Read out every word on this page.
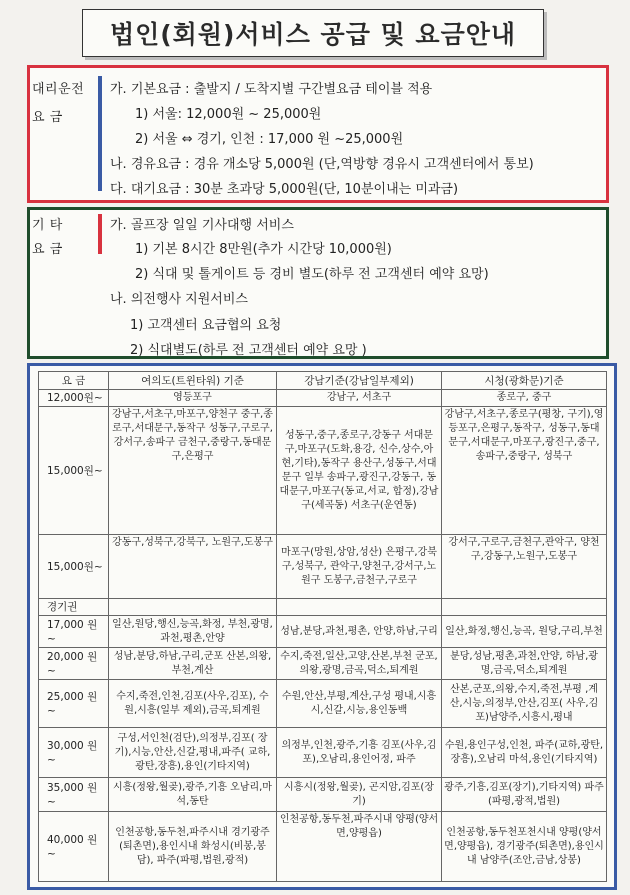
법인(회원)서비스 공급 및 요금안내
대리운전
요 금
가. 기본요금 : 출발지 / 도착지별 구간별요금 테이블 적용
1) 서울: 12,000원 ~ 25,000원
2) 서울 ⇔ 경기, 인천 : 17,000 원 ~25,000원
나. 경유요금 : 경유 개소당 5,000원 (단,역방향 경유시 고객센터에서 통보)
다. 대기요금 : 30분 초과당 5,000원(단, 10분이내는 미과금)
기 타
요 금
가. 골프장 일일 기사대행 서비스
1) 기본 8시간 8만원(추가 시간당 10,000원)
2) 식대 및 톨게이트 등 경비 별도(하루 전 고객센터 예약 요망)
나. 의전행사 지원서비스
1) 고객센터 요금협의 요청
2) 식대별도(하루 전 고객센터 예약 요망 )
요 금	여의도(트윈타워) 기준	강남기준(강남일부제외)	시청(광화문)기준
12,000원~	영등포구	강남구, 서초구	종로구, 중구
15,000원~	강남구,서초구,마포구,양천구 중구,종로구,서대문구,동작구 성동구,구로구,강서구,송파구 금천구,중랑구,동대문구,은평구	성동구,중구,종로구,강동구 서대문구,마포구(도화,용강, 신수,상수,아현,기타),동작구 용산구,성동구,서대문구 일부 송파구,광진구,강동구, 동대문구,마포구(동교,서교, 합정),강남구(세곡동) 서초구(운연동)	강남구,서초구,종로구(평창, 구기),영등포구,은평구,동작구, 성동구,동대문구,서대문구,마포구,광진구,중구,송파구,중랑구, 성북구
15,000원~	강동구,성북구,강북구, 노원구,도봉구	마포구(망원,상암,성산) 은평구,강북구,성북구, 관악구,양천구,강서구,노원구 도봉구,금천구,구로구	강서구,구로구,금천구,관악구, 양천구,강동구,노원구,도봉구
경기권			
17,000 원~	일산,원당,행신,능곡,화정, 부천,광명,과천,평촌,안양	성남,분당,과천,평촌, 안양,하남,구리	일산,화정,행신,능곡, 원당,구리,부천
20,000 원~	성남,분당,하남,구리,군포 산본,의왕,부천,계산	수지,죽전,일산,고양,산본,부천 군포,의왕,광명,금곡,덕소,퇴계원	분당,성남,평촌,과천,안양, 하남,광명,금곡,덕소,퇴계원
25,000 원~	수지,죽전,인천,김포(사우,김포), 수원,시흥(일부 제외),금곡,퇴계원	수원,안산,부평,계산,구성 평내,시흥시,신갈,시능,용인동백	산본,군포,의왕,수지,죽전,부평 ,계산,시능,의정부,안산,김포( 사우,김포)남양주,시흥시,평내
30,000 원~	구성,서인천(검단),의정부,김포( 장기),시능,안산,신갈,평내,파주( 교하,광탄,장흥),용인(기타지역)	의정부,인천,광주,기흥 김포(사우,김포),오남리,용인어정, 파주	수원,용인구성,인천, 파주(교하,광탄,장흥),오남리 마석,용인(기타지역)
35,000 원~	시흥(정왕,월곶),광주,기흥 오남리,마석,동탄	시흥시(정왕,월곶), 곤지암,김포(장기)	광주,기흥,김포(장기),기타지역) 파주(파평,광적,법원)
40,000 원~	인천공항,동두천,파주시내 경기광주(퇴촌면),용인시내 화성시(비봉,봉담), 파주(파평,법원,광적)	인천공항,동두천,파주시내 양평(양서면,양평읍)	인천공항,동두천포천시내 양평(양서면,양평읍), 경기광주(퇴촌면),용인시내 남양주(조안,금남,상봉)
